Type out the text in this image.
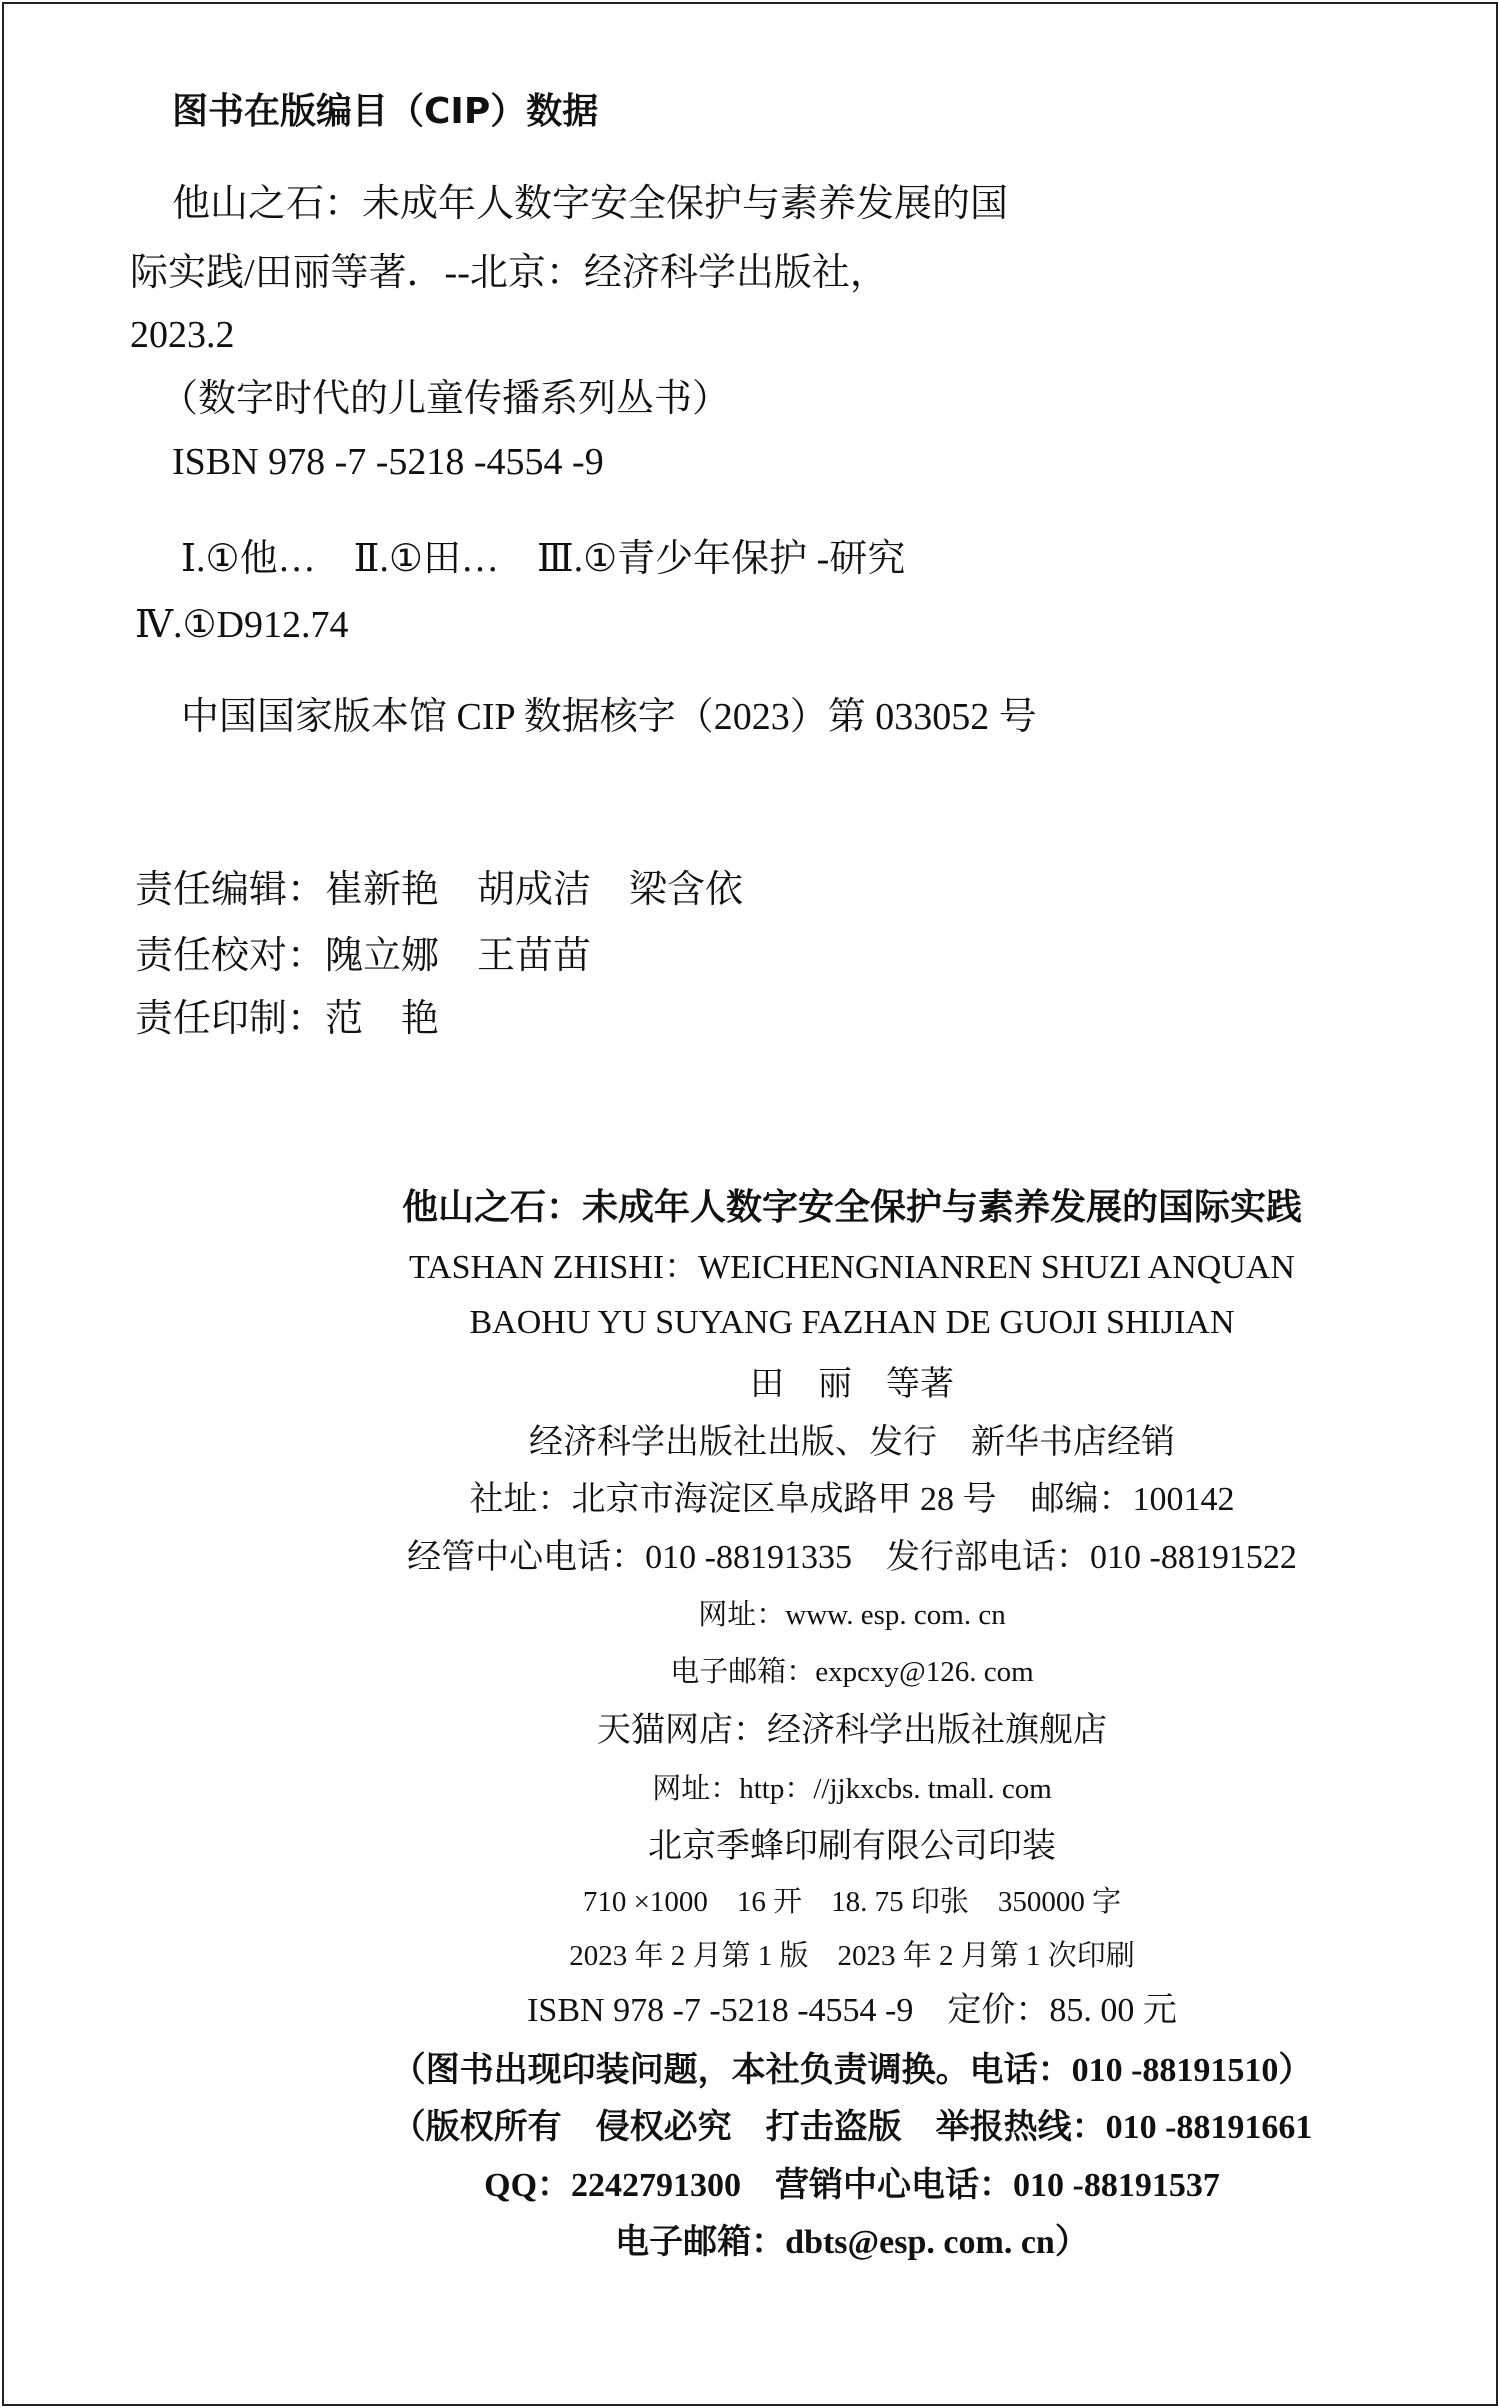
图书在版编目（CIP）数据
他山之石：未成年人数字安全保护与素养发展的国
际实践/田丽等著．--北京：经济科学出版社，
2023.2
（数字时代的儿童传播系列丛书）
ISBN 978 -7 -5218 -4554 -9
Ⅰ.①他…　Ⅱ.①田…　Ⅲ.①青少年保护 -研究
Ⅳ.①D912.74
中国国家版本馆 CIP 数据核字（2023）第 033052 号
责任编辑：崔新艳　胡成洁　梁含依
责任校对：隗立娜　王苗苗
责任印制：范　艳
他山之石：未成年人数字安全保护与素养发展的国际实践
TASHAN ZHISHI：WEICHENGNIANREN SHUZI ANQUAN
BAOHU YU SUYANG FAZHAN DE GUOJI SHIJIAN
田　丽　等著
经济科学出版社出版、发行　新华书店经销
社址：北京市海淀区阜成路甲 28 号　邮编：100142
经管中心电话：010 -88191335　发行部电话：010 -88191522
网址：www. esp. com. cn
电子邮箱：expcxy@126. com
天猫网店：经济科学出版社旗舰店
网址：http：//jjkxcbs. tmall. com
北京季蜂印刷有限公司印装
710 ×1000　16 开　18. 75 印张　350000 字
2023 年 2 月第 1 版　2023 年 2 月第 1 次印刷
ISBN 978 -7 -5218 -4554 -9　定价：85. 00 元
（图书出现印装问题，本社负责调换。电话：010 -88191510）
（版权所有　侵权必究　打击盗版　举报热线：010 -88191661
QQ：2242791300　营销中心电话：010 -88191537
电子邮箱：dbts@esp. com. cn）
